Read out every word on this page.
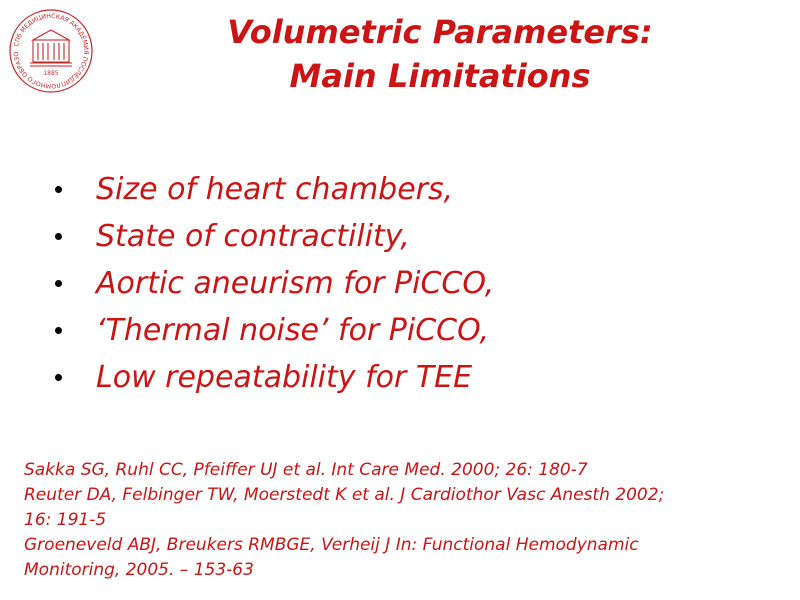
СПб МЕДИЦИНСКАЯ АКАДЕМИЯ ПОСЛЕДИПЛОМНОГО ОБРАЗО
1885
Volumetric Parameters:
Main Limitations
Size of heart chambers,
State of contractility,
Aortic aneurism for PiCCO,
‘Thermal noise’ for PiCCO,
Low repeatability for TEE
Sakka SG, Ruhl CC, Pfeiffer UJ et al. Int Care Med. 2000; 26: 180-7
Reuter DA, Felbinger TW, Moerstedt K et al. J Cardiothor Vasc Anesth 2002;
16: 191-5
Groeneveld ABJ, Breukers RMBGE, Verheij J In: Functional Hemodynamic
Monitoring, 2005. – 153-63
